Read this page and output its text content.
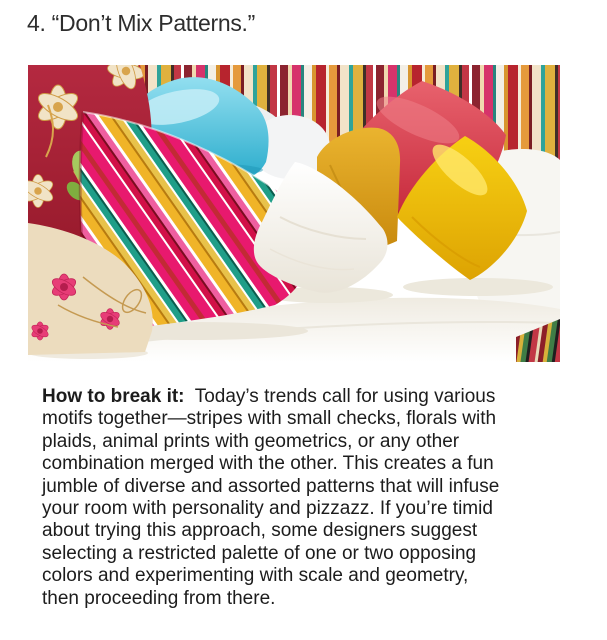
4. “Don’t Mix Patterns.”
How to break it:  Today’s trends call for using various
motifs together—stripes with small checks, florals with
plaids, animal prints with geometrics, or any other
combination merged with the other. This creates a fun
jumble of diverse and assorted patterns that will infuse
your room with personality and pizzazz. If you’re timid
about trying this approach, some designers suggest
selecting a restricted palette of one or two opposing
colors and experimenting with scale and geometry,
then proceeding from there.
